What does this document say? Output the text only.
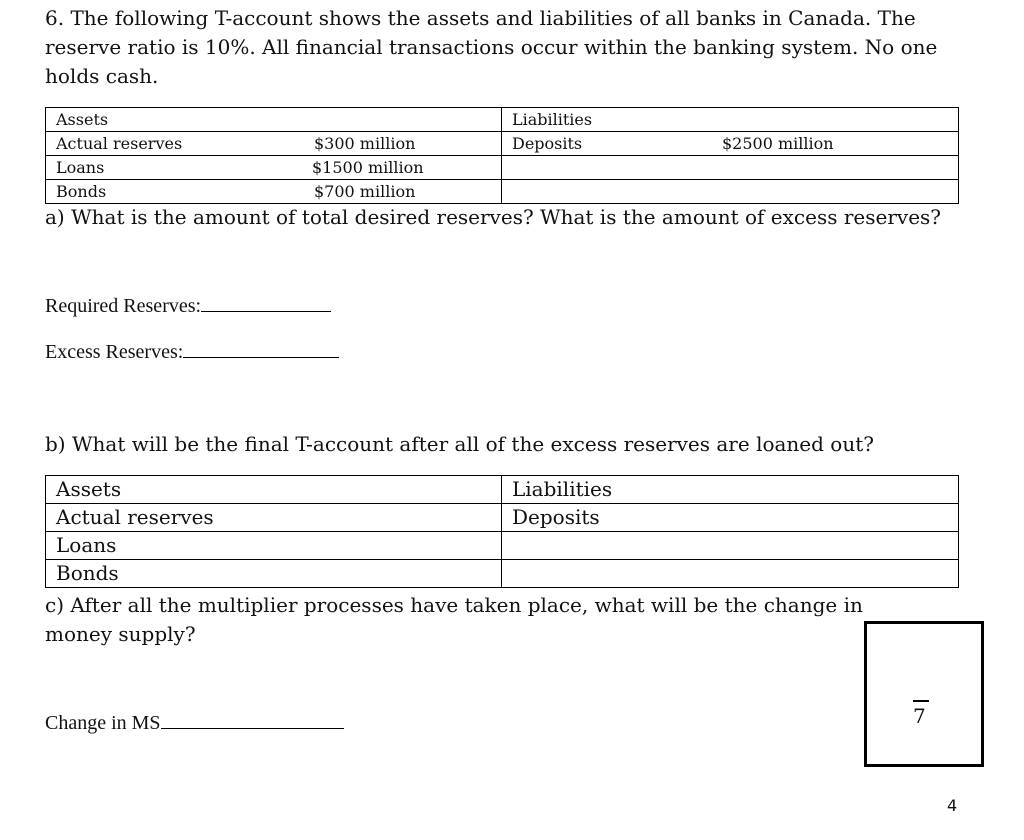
6. The following T-account shows the assets and liabilities of all banks in Canada. The reserve ratio is 10%. All financial transactions occur within the banking system. No one holds cash.
Assets	Liabilities

Actual reserves $300 million	Deposits $2500 million

Loans $1500 million	

Bonds $700 million	

a) What is the amount of total desired reserves? What is the amount of excess reserves?
Required Reserves:
Excess Reserves:
b) What will be the final T-account after all of the excess reserves are loaned out?
Assets	Liabilities
Actual reserves	Deposits
Loans	
Bonds	
c) After all the multiplier processes have taken place, what will be the change in money supply?
Change in MS	7
4
